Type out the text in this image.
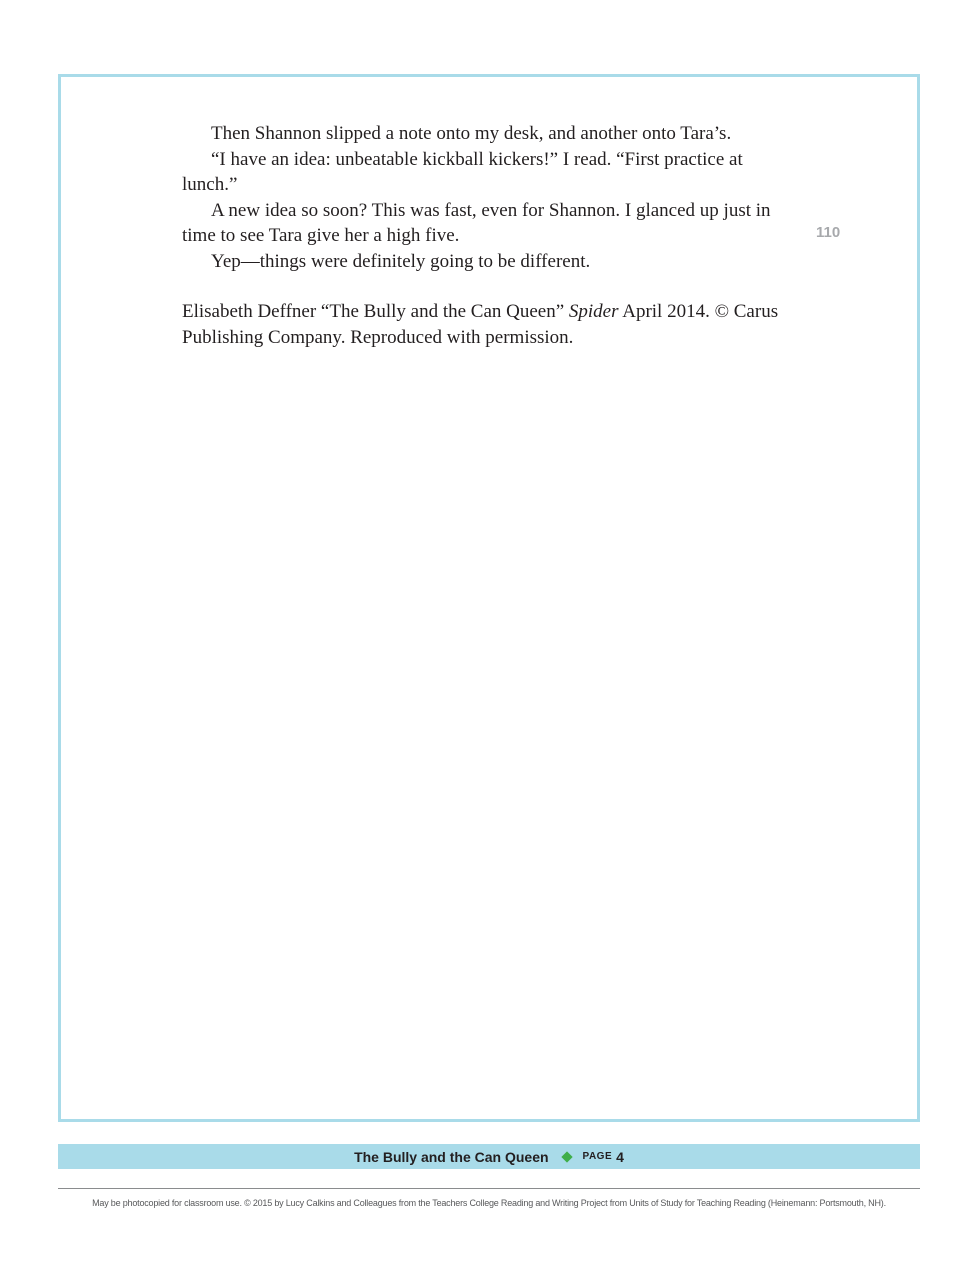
Then Shannon slipped a note onto my desk, and another onto Tara’s.

“I have an idea: unbeatable kickball kickers!” I read. “First practice at lunch.”

A new idea so soon? This was fast, even for Shannon. I glanced up just in time to see Tara give her a high five.

Yep—things were definitely going to be different.

110

Elisabeth Deffner “The Bully and the Can Queen” Spider April 2014. © Carus Publishing Company. Reproduced with permission.

The Bully and the Can Queen	PAGE 4
May be photocopied for classroom use. © 2015 by Lucy Calkins and Colleagues from the Teachers College Reading and Writing Project from Units of Study for Teaching Reading (Heinemann: Portsmouth, NH).
